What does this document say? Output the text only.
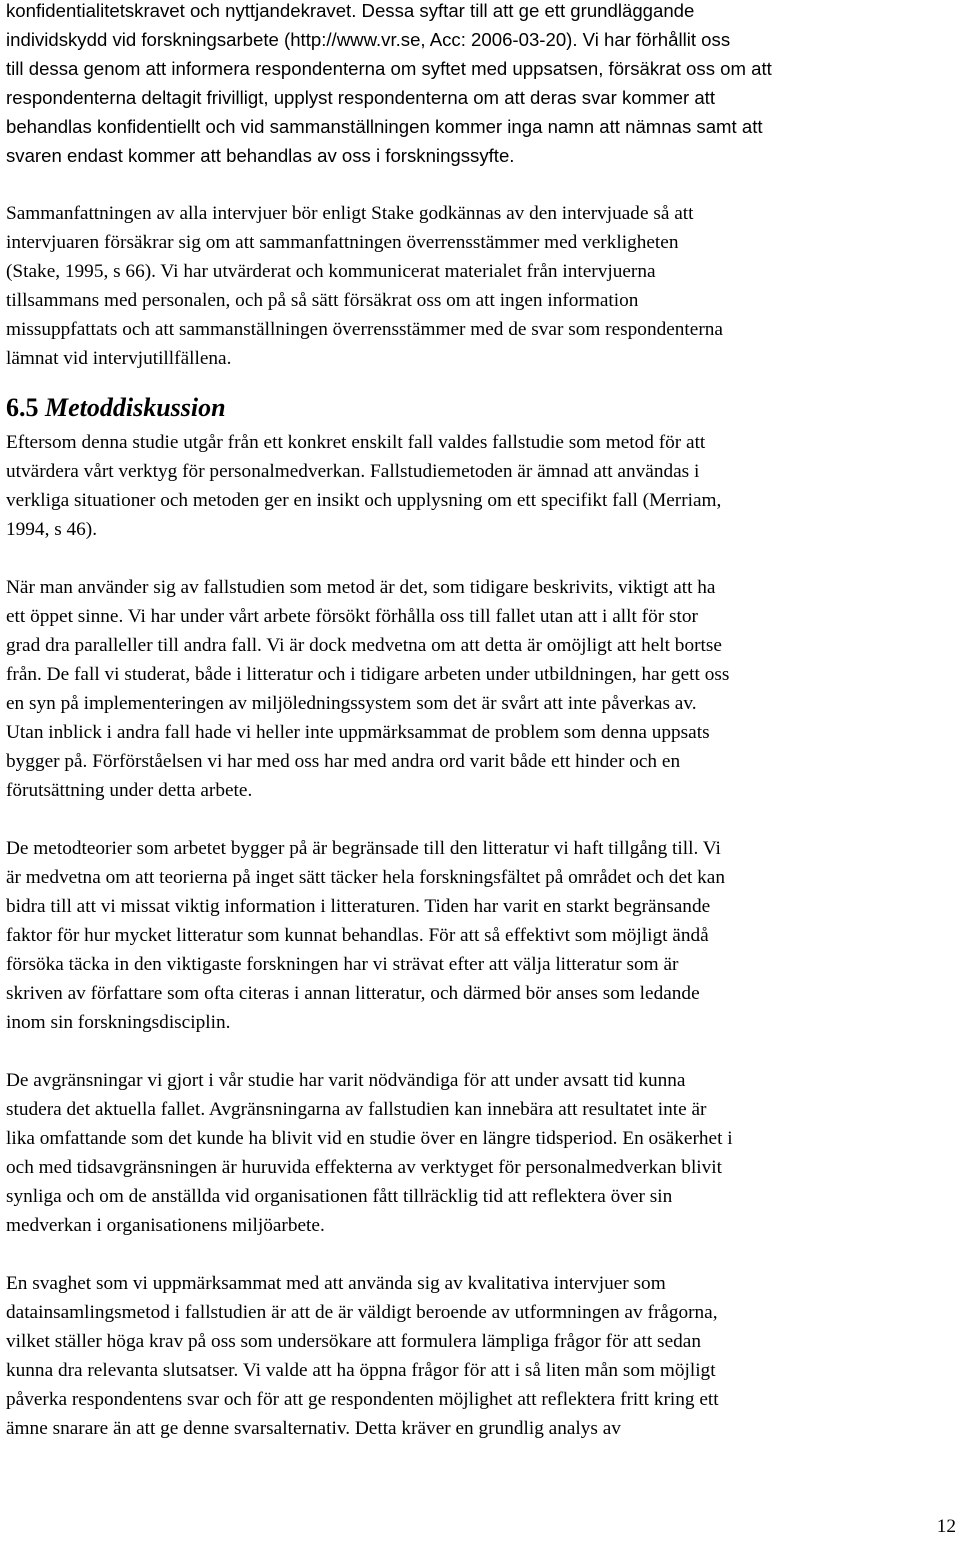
konfidentialitetskravet och nyttjandekravet. Dessa syftar till att ge ett grundläggande
individskydd vid forskningsarbete (http://www.vr.se, Acc: 2006-03-20). Vi har förhållit oss
till dessa genom att informera respondenterna om syftet med uppsatsen, försäkrat oss om att
respondenterna deltagit frivilligt, upplyst respondenterna om att deras svar kommer att
behandlas konfidentiellt och vid sammanställningen kommer inga namn att nämnas samt att
svaren endast kommer att behandlas av oss i forskningssyfte.

Sammanfattningen av alla intervjuer bör enligt Stake godkännas av den intervjuade så att
intervjuaren försäkrar sig om att sammanfattningen överrensstämmer med verkligheten
(Stake, 1995, s 66). Vi har utvärderat och kommunicerat materialet från intervjuerna
tillsammans med personalen, och på så sätt försäkrat oss om att ingen information
missuppfattats och att sammanställningen överrensstämmer med de svar som respondenterna
lämnat vid intervjutillfällena.

6.5 Metoddiskussion

Eftersom denna studie utgår från ett konkret enskilt fall valdes fallstudie som metod för att
utvärdera vårt verktyg för personalmedverkan. Fallstudiemetoden är ämnad att användas i
verkliga situationer och metoden ger en insikt och upplysning om ett specifikt fall (Merriam,
1994, s 46).

När man använder sig av fallstudien som metod är det, som tidigare beskrivits, viktigt att ha
ett öppet sinne. Vi har under vårt arbete försökt förhålla oss till fallet utan att i allt för stor
grad dra paralleller till andra fall. Vi är dock medvetna om att detta är omöjligt att helt bortse
från. De fall vi studerat, både i litteratur och i tidigare arbeten under utbildningen, har gett oss
en syn på implementeringen av miljöledningssystem som det är svårt att inte påverkas av.
Utan inblick i andra fall hade vi heller inte uppmärksammat de problem som denna uppsats
bygger på. Förförståelsen vi har med oss har med andra ord varit både ett hinder och en
förutsättning under detta arbete.

De metodteorier som arbetet bygger på är begränsade till den litteratur vi haft tillgång till. Vi
är medvetna om att teorierna på inget sätt täcker hela forskningsfältet på området och det kan
bidra till att vi missat viktig information i litteraturen. Tiden har varit en starkt begränsande
faktor för hur mycket litteratur som kunnat behandlas. För att så effektivt som möjligt ändå
försöka täcka in den viktigaste forskningen har vi strävat efter att välja litteratur som är
skriven av författare som ofta citeras i annan litteratur, och därmed bör anses som ledande
inom sin forskningsdisciplin.

De avgränsningar vi gjort i vår studie har varit nödvändiga för att under avsatt tid kunna
studera det aktuella fallet. Avgränsningarna av fallstudien kan innebära att resultatet inte är
lika omfattande som det kunde ha blivit vid en studie över en längre tidsperiod. En osäkerhet i
och med tidsavgränsningen är huruvida effekterna av verktyget för personalmedverkan blivit
synliga och om de anställda vid organisationen fått tillräcklig tid att reflektera över sin
medverkan i organisationens miljöarbete.

En svaghet som vi uppmärksammat med att använda sig av kvalitativa intervjuer som
datainsamlingsmetod i fallstudien är att de är väldigt beroende av utformningen av frågorna,
vilket ställer höga krav på oss som undersökare att formulera lämpliga frågor för att sedan
kunna dra relevanta slutsatser. Vi valde att ha öppna frågor för att i så liten mån som möjligt
påverka respondentens svar och för att ge respondenten möjlighet att reflektera fritt kring ett
ämne snarare än att ge denne svarsalternativ. Detta kräver en grundlig analys av

12
